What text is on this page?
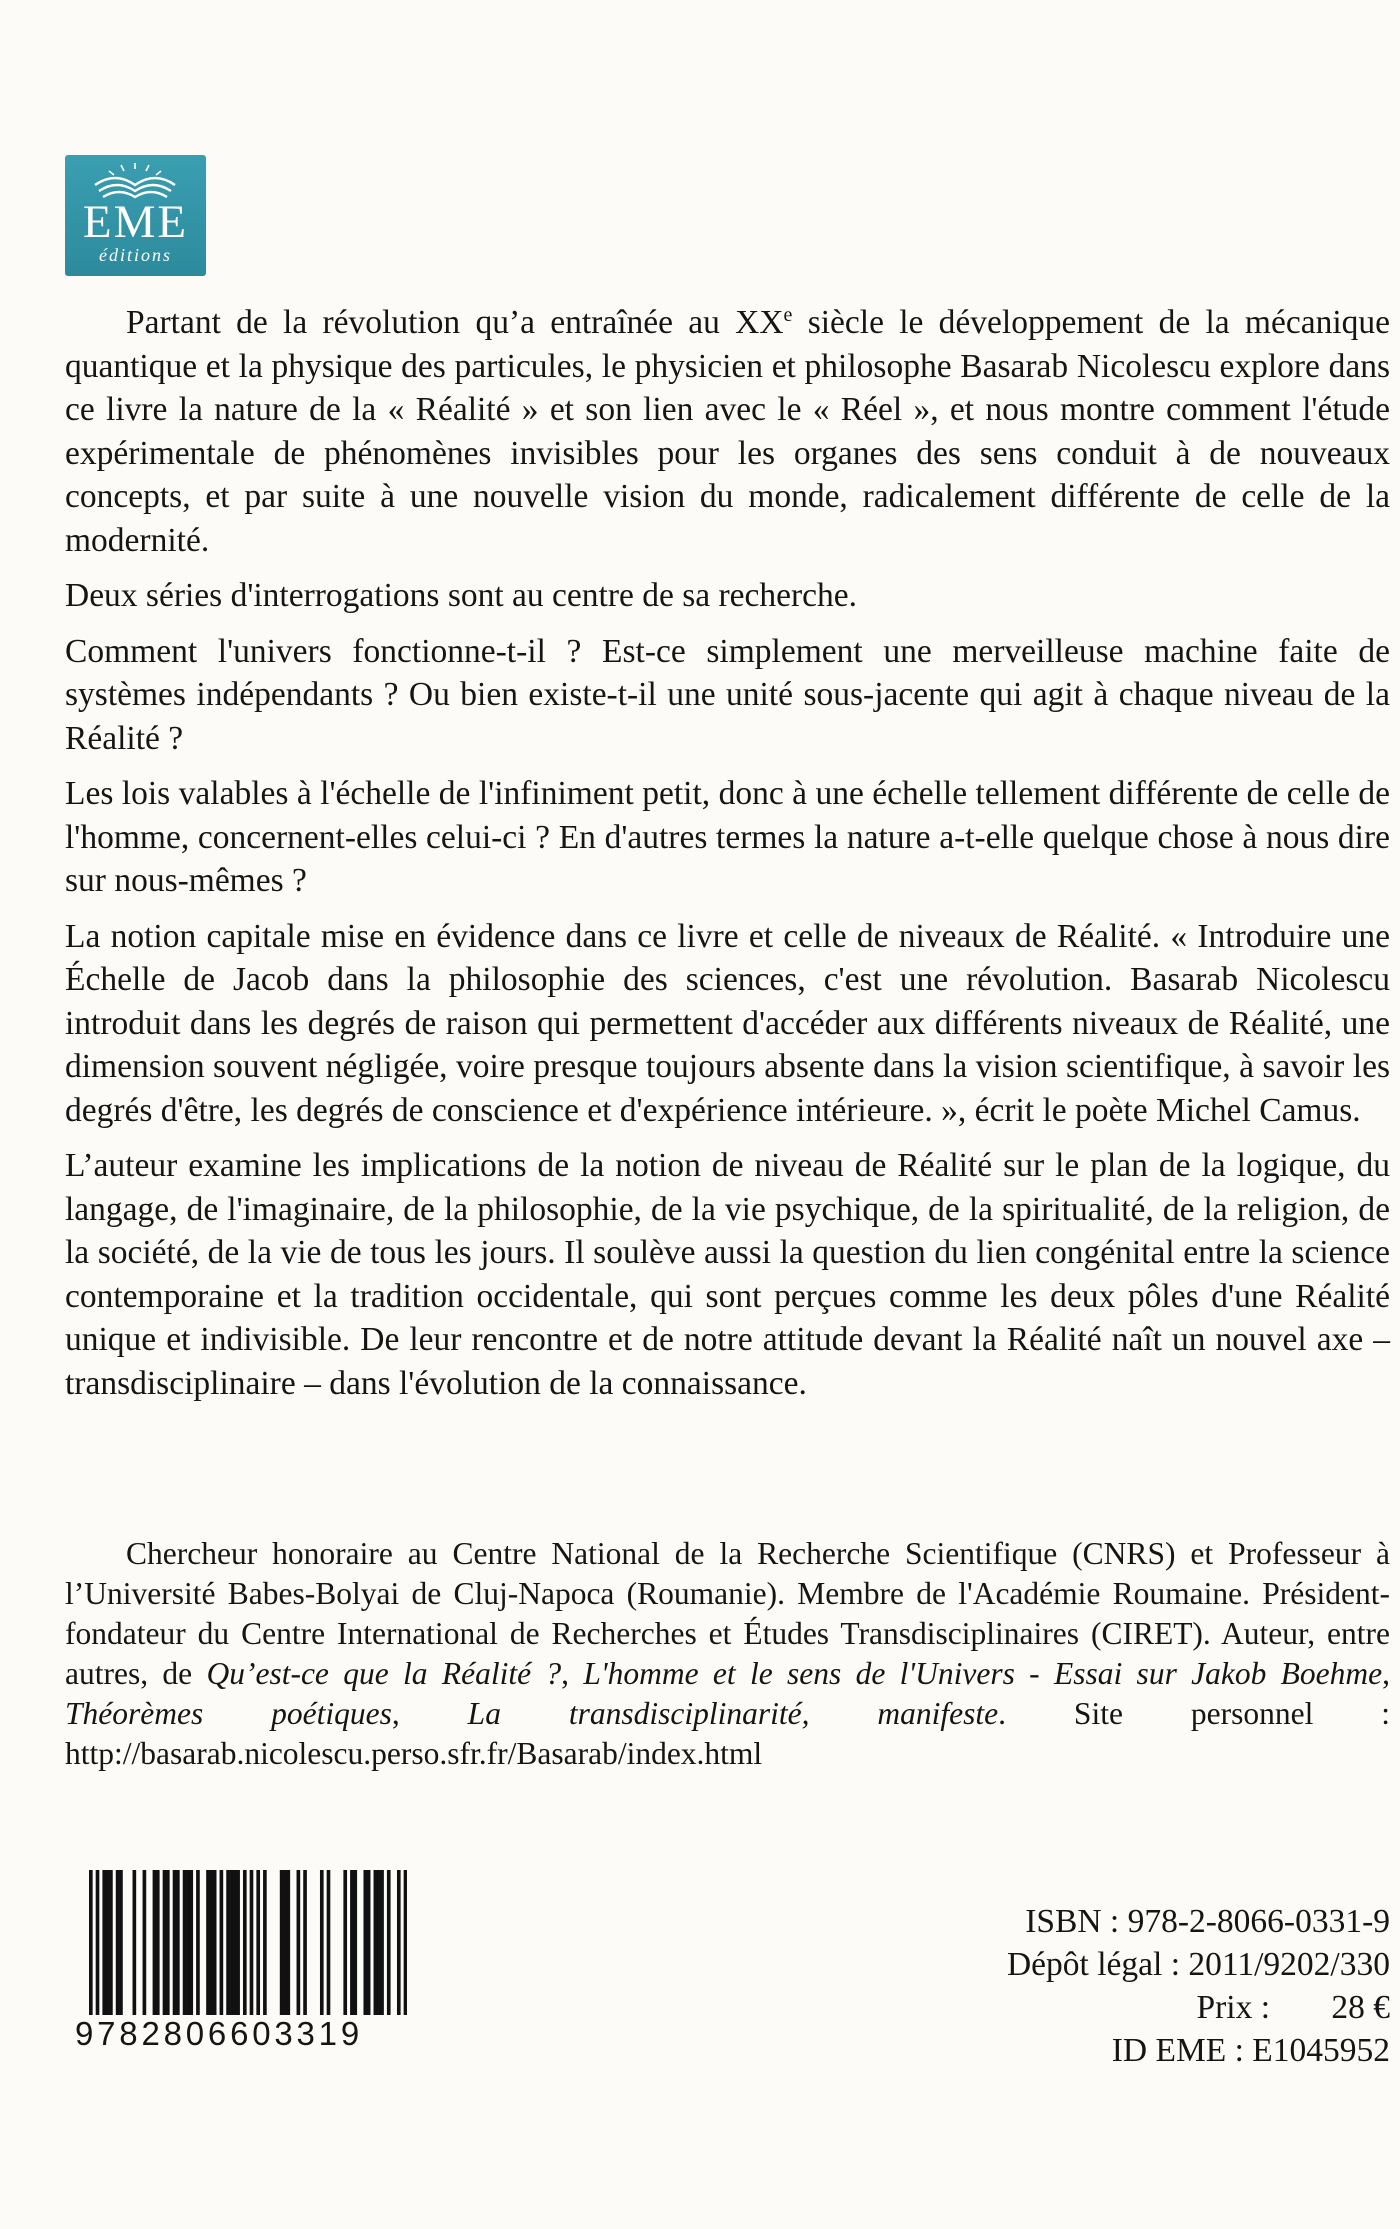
EME
éditions

Partant de la révolution qu’a entraînée au XXe siècle le développement de la mécanique quantique et la physique des particules, le physicien et philosophe Basarab Nicolescu explore dans ce livre la nature de la « Réalité » et son lien avec le « Réel », et nous montre comment l'étude expérimentale de phénomènes invisibles pour les organes des sens conduit à de nouveaux concepts, et par suite à une nouvelle vision du monde, radicalement différente de celle de la modernité.

Deux séries d'interrogations sont au centre de sa recherche.

Comment l'univers fonctionne-t-il ? Est-ce simplement une merveilleuse machine faite de systèmes indépendants ? Ou bien existe-t-il une unité sous-jacente qui agit à chaque niveau de la Réalité ?

Les lois valables à l'échelle de l'infiniment petit, donc à une échelle tellement différente de celle de l'homme, concernent-elles celui-ci ? En d'autres termes la nature a-t-elle quelque chose à nous dire sur nous-mêmes ?

La notion capitale mise en évidence dans ce livre et celle de niveaux de Réalité. « Introduire une Échelle de Jacob dans la philosophie des sciences, c'est une révolution. Basarab Nicolescu introduit dans les degrés de raison qui permettent d'accéder aux différents niveaux de Réalité, une dimension souvent négligée, voire presque toujours absente dans la vision scientifique, à savoir les degrés d'être, les degrés de conscience et d'expérience intérieure. », écrit le poète Michel Camus.

L’auteur examine les implications de la notion de niveau de Réalité sur le plan de la logique, du langage, de l'imaginaire, de la philosophie, de la vie psychique, de la spiritualité, de la religion, de la société, de la vie de tous les jours. Il soulève aussi la question du lien congénital entre la science contemporaine et la tradition occidentale, qui sont perçues comme les deux pôles d'une Réalité unique et indivisible. De leur rencontre et de notre attitude devant la Réalité naît un nouvel axe – transdisciplinaire – dans l'évolution de la connaissance.

Chercheur honoraire au Centre National de la Recherche Scientifique (CNRS) et Professeur à l’Université Babes-Bolyai de Cluj-Napoca (Roumanie). Membre de l'Académie Roumaine. Président-fondateur du Centre International de Recherches et Études Transdisciplinaires (CIRET). Auteur, entre autres, de Qu’est-ce que la Réalité ?, L'homme et le sens de l'Univers - Essai sur Jakob Boehme, Théorèmes poétiques, La transdisciplinarité, manifeste. Site personnel : http://basarab.nicolescu.perso.sfr.fr/Basarab/index.html

9782806603319
ISBN : 978-2-8066-0331-9
Dépôt légal : 2011/9202/330
Prix : 28 €
ID EME : E1045952
